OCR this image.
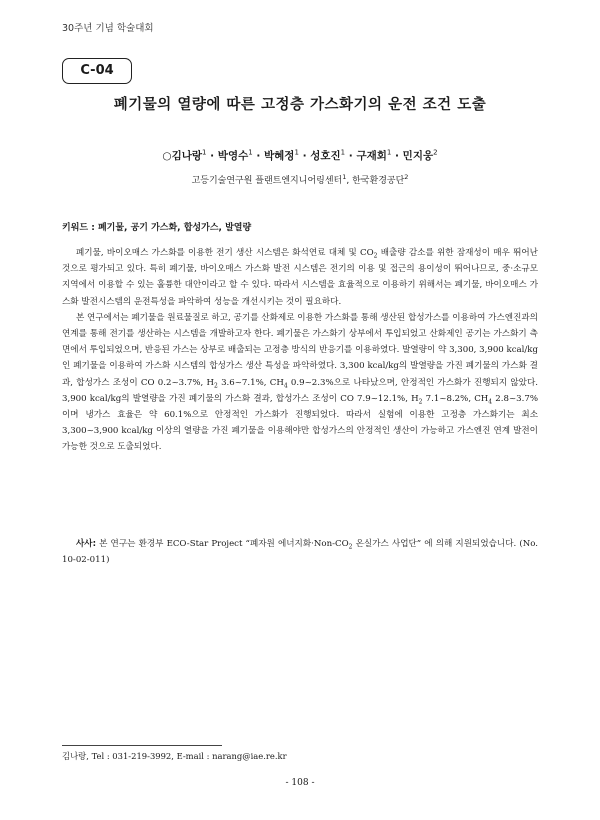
30주년 기념 학술대회
C-04
폐기물의 열량에 따른 고정층 가스화기의 운전 조건 도출
○김나랑$^1$ · 박영수$^1$ · 박혜정$^1$ · 성호진$^1$ · 구재회$^1$ · 민지웅$^2$
고등기술연구원 플랜트엔지니어링센터$^1$, 한국환경공단$^2$
키워드 : 폐기물, 공기 가스화, 합성가스, 발열량

폐기물, 바이오매스 가스화를 이용한 전기 생산 시스템은 화석연료 대체 및 $CO_2$ 배출량 감소를 위한 잠재성이 매우 뛰어난 것으로 평가되고 있다. 특히 폐기물, 바이오매스 가스화 발전 시스템은 전기의 이용 및 접근의 용이성이 뛰어나므로, 중·소규모 지역에서 이용할 수 있는 훌륭한 대안이라고 할 수 있다. 따라서 시스템을 효율적으로 이용하기 위해서는 폐기물, 바이오매스 가스화 발전시스템의 운전특성을 파악하여 성능을 개선시키는 것이 필요하다.

본 연구에서는 폐기물을 원료물질로 하고, 공기를 산화제로 이용한 가스화를 통해 생산된 합성가스를 이용하여 가스엔진과의 연계를 통해 전기를 생산하는 시스템을 개발하고자 한다. 폐기물은 가스화기 상부에서 투입되었고 산화제인 공기는 가스화기 측면에서 투입되었으며, 반응된 가스는 상부로 배출되는 고정층 방식의 반응기를 이용하였다. 발열량이 약 3,300, 3,900 kcal/kg인 폐기물을 이용하여 가스화 시스템의 합성가스 생산 특성을 파악하였다. 3,300 kcal/kg의 발열량을 가진 폐기물의 가스화 결과, 합성가스 조성이 CO 0.2~3.7%, $H_2$ 3.6~7.1%, $CH_4$ 0.9~2.3%으로 나타났으며, 안정적인 가스화가 진행되지 않았다. 3,900 kcal/kg의 발열량을 가진 폐기물의 가스화 결과, 합성가스 조성이 CO 7.9~12.1%, $H_2$ 7.1~8.2%, $CH_4$ 2.8~3.7%이며 냉가스 효율은 약 60.1%으로 안정적인 가스화가 진행되었다. 따라서 실험에 이용한 고정층 가스화기는 최소 3,300~3,900 kcal/kg 이상의 열량을 가진 폐기물을 이용해야만 합성가스의 안정적인 생산이 가능하고 가스엔진 연계 발전이 가능한 것으로 도출되었다.

사사: 본 연구는 환경부 ECO-Star Project “폐자원 에너지화$\cdot Non-CO_2$ 온실가스 사업단” 에 의해 지원되었습니다. (No. 10-02-011)
김나랑, Tel : 031-219-3992, E-mail : narang@iae.re.kr
- 108 -
